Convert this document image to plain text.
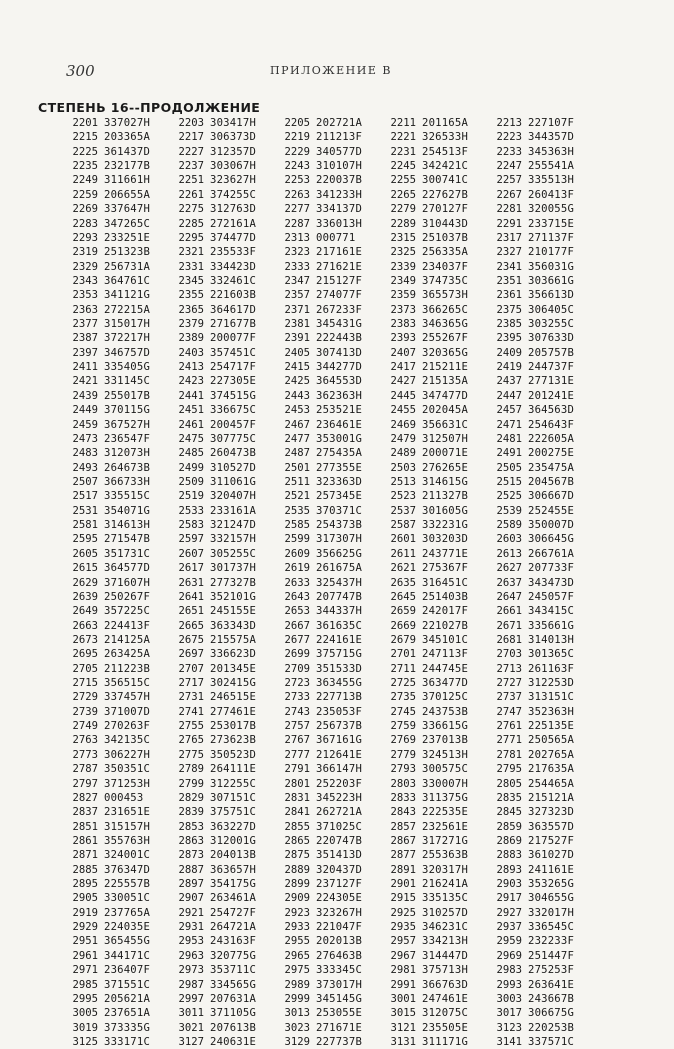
300	ПРИЛОЖЕНИЕ В
СТЕПЕНЬ 16--ПРОДОЛЖЕНИЕ
2201 337027H	2203 303417H	2205 202721A	2211 201165A	2213 227107F
2215 203365A	2217 306373D	2219 211213F	2221 326533H	2223 344357D
2225 361437D	2227 312357D	2229 340577D	2231 254513F	2233 345363H
2235 232177B	2237 303067H	2243 310107H	2245 342421C	2247 255541A
2249 311661H	2251 323627H	2253 220037B	2255 300741C	2257 335513H
2259 206655A	2261 374255C	2263 341233H	2265 227627B	2267 260413F
2269 337647H	2275 312763D	2277 334137D	2279 270127F	2281 320055G
2283 347265C	2285 272161A	2287 336013H	2289 310443D	2291 233715E
2293 233251E	2295 374477D	2313 000771	2315 251037B	2317 271137F
2319 251323B	2321 235533F	2323 217161E	2325 256335A	2327 210177F
2329 256731A	2331 334423D	2333 271621E	2339 234037F	2341 356031G
2343 364761C	2345 332461C	2347 215127F	2349 374735C	2351 303661G
2353 341121G	2355 221603B	2357 274077F	2359 365573H	2361 356613D
2363 272215A	2365 364617D	2371 267233F	2373 366265C	2375 306405C
2377 315017H	2379 271677B	2381 345431G	2383 346365G	2385 303255C
2387 372217H	2389 200077F	2391 222443B	2393 255267F	2395 307633D
2397 346757D	2403 357451C	2405 307413D	2407 320365G	2409 205757B
2411 335405G	2413 254717F	2415 344277D	2417 215211E	2419 244737F
2421 331145C	2423 227305E	2425 364553D	2427 215135A	2437 277131E
2439 255017B	2441 374515G	2443 362363H	2445 347477D	2447 201241E
2449 370115G	2451 336675C	2453 253521E	2455 202045A	2457 364563D
2459 367527H	2461 200457F	2467 236461E	2469 356631C	2471 254643F
2473 236547F	2475 307775C	2477 353001G	2479 312507H	2481 222605A
2483 312073H	2485 260473B	2487 275435A	2489 200071E	2491 200275E
2493 264673B	2499 310527D	2501 277355E	2503 276265E	2505 235475A
2507 366733H	2509 311061G	2511 323363D	2513 314615G	2515 204567B
2517 335515C	2519 320407H	2521 257345E	2523 211327B	2525 306667D
2531 354071G	2533 233161A	2535 370371C	2537 301605G	2539 252455E
2581 314613H	2583 321247D	2585 254373B	2587 332231G	2589 350007D
2595 271547B	2597 332157H	2599 317307H	2601 303203D	2603 306645G
2605 351731C	2607 305255C	2609 356625G	2611 243771E	2613 266761A
2615 364577D	2617 301737H	2619 261675A	2621 275367F	2627 207733F
2629 371607H	2631 277327B	2633 325437H	2635 316451C	2637 343473D
2639 250267F	2641 352101G	2643 207747B	2645 251403B	2647 245057F
2649 357225C	2651 245155E	2653 344337H	2659 242017F	2661 343415C
2663 224413F	2665 363343D	2667 361635C	2669 221027B	2671 335661G
2673 214125A	2675 215575A	2677 224161E	2679 345101C	2681 314013H
2695 263425A	2697 336623D	2699 375715G	2701 247113F	2703 301365C
2705 211223B	2707 201345E	2709 351533D	2711 244745E	2713 261163F
2715 356515C	2717 302415G	2723 363455G	2725 363477D	2727 312253D
2729 337457H	2731 246515E	2733 227713B	2735 370125C	2737 313151C
2739 371007D	2741 277461E	2743 235053F	2745 243753B	2747 352363H
2749 270263F	2755 253017B	2757 256737B	2759 336615G	2761 225135E
2763 342135C	2765 273623B	2767 367161G	2769 237013B	2771 250565A
2773 306227H	2775 350523D	2777 212641E	2779 324513H	2781 202765A
2787 350351C	2789 264111E	2791 366147H	2793 300575C	2795 217635A
2797 371253H	2799 312255C	2801 252203F	2803 330007H	2805 254465A
2827 000453	2829 307151C	2831 345223H	2833 311375G	2835 215121A
2837 231651E	2839 375751C	2841 262721A	2843 222535E	2845 327323D
2851 315157H	2853 363227D	2855 371025C	2857 232561E	2859 363557D
2861 355763H	2863 312001G	2865 220747B	2867 317271G	2869 217527F
2871 324001C	2873 204013B	2875 351413D	2877 255363B	2883 361027D
2885 376347D	2887 363657H	2889 320437D	2891 320317H	2893 241161E
2895 225557B	2897 354175G	2899 237127F	2901 216241A	2903 353265G
2905 330051C	2907 263461A	2909 224305E	2915 335135C	2917 304655G
2919 237765A	2921 254727F	2923 323267H	2925 310257D	2927 332017H
2929 224035E	2931 264721A	2933 221047F	2935 346231C	2937 336545C
2951 365455G	2953 243163F	2955 202013B	2957 334213H	2959 232233F
2961 344171C	2963 320775G	2965 276463B	2967 314447D	2969 251447F
2971 236407F	2973 353711C	2975 333345C	2981 375713H	2983 275253F
2985 371551C	2987 334565G	2989 373017H	2991 366763D	2993 263641E
2995 205621A	2997 207631A	2999 345145G	3001 247461E	3003 243667B
3005 237651A	3011 371105G	3013 253055E	3015 312075C	3017 306675G
3019 373335G	3021 207613B	3023 271671E	3121 235505E	3123 220253B
3125 333171C	3127 240631E	3129 227737B	3131 311171G	3141 337571C
